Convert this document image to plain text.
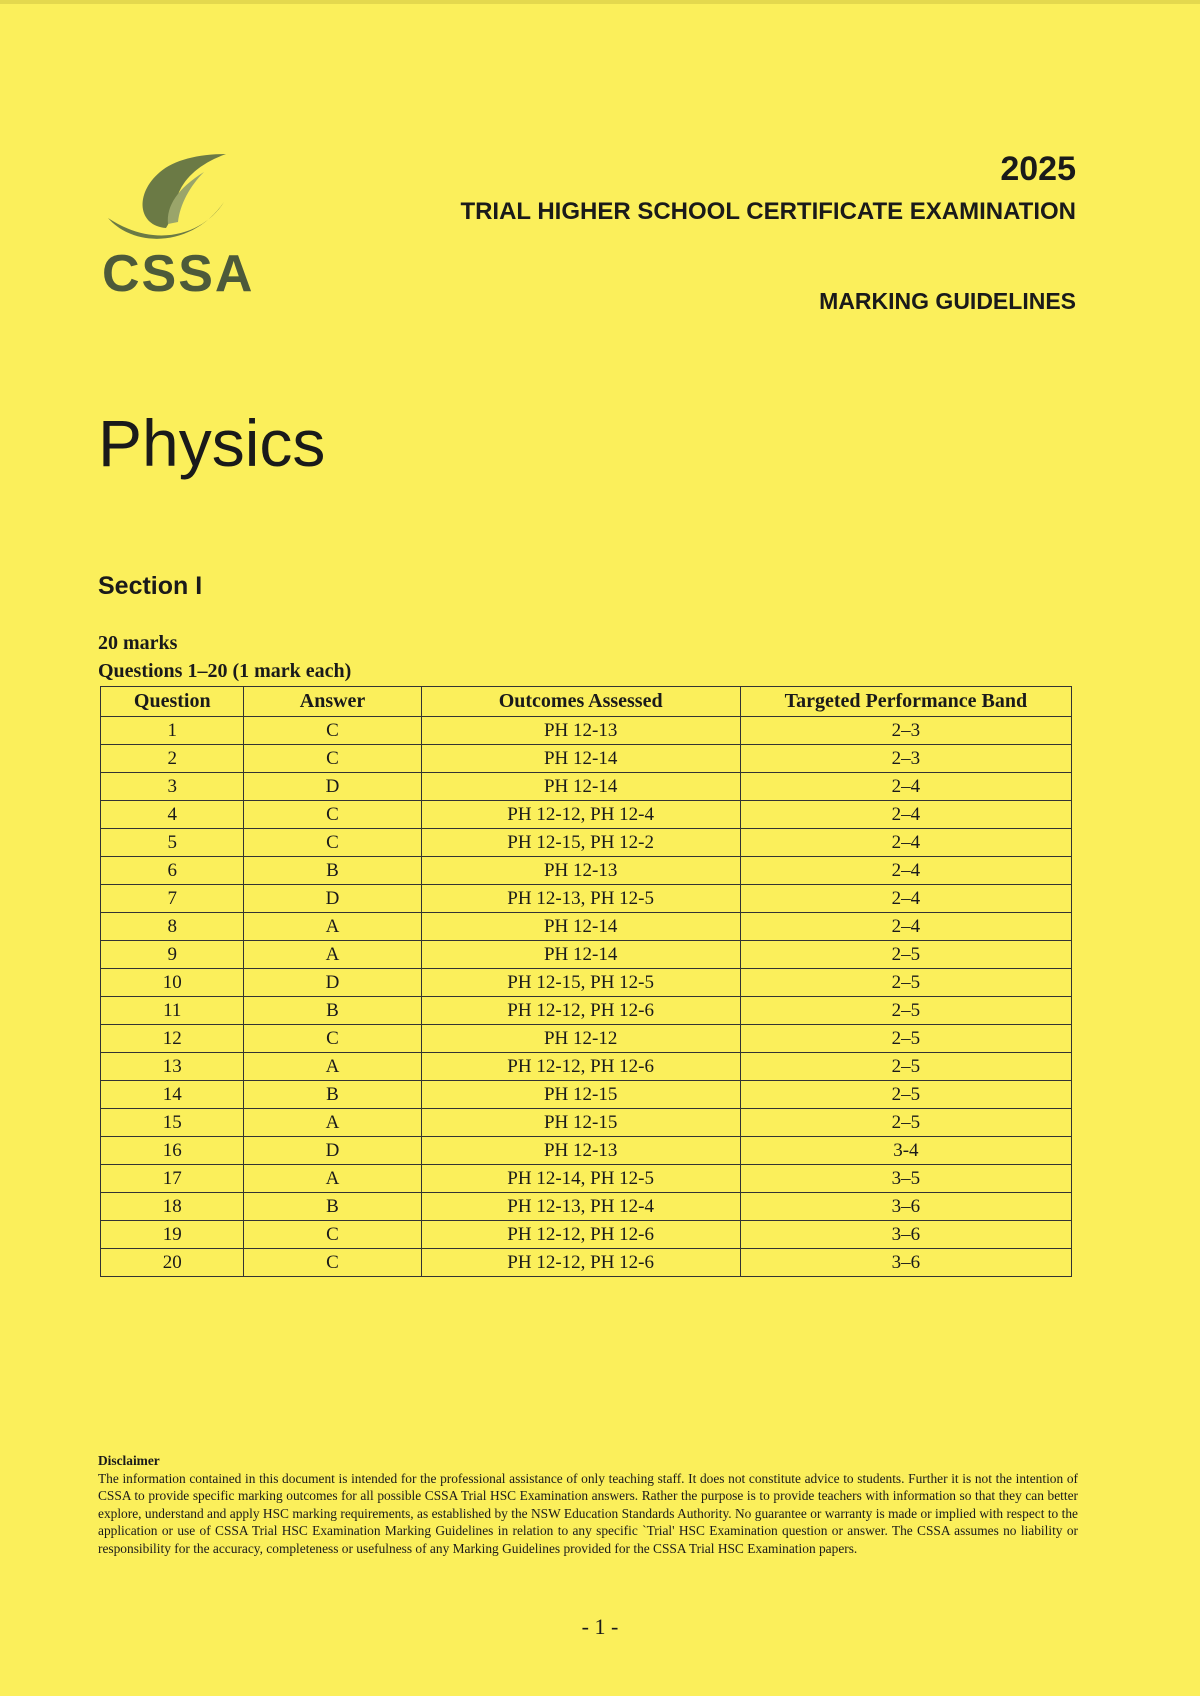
CSSA
2025
TRIAL HIGHER SCHOOL CERTIFICATE EXAMINATION
MARKING GUIDELINES
Physics
Section I
20 marks
Questions 1–20 (1 mark each)
Question	Answer	Outcomes Assessed	Targeted Performance Band
1	C	PH 12-13	2–3
2	C	PH 12-14	2–3
3	D	PH 12-14	2–4
4	C	PH 12-12, PH 12-4	2–4
5	C	PH 12-15, PH 12-2	2–4
6	B	PH 12-13	2–4
7	D	PH 12-13, PH 12-5	2–4
8	A	PH 12-14	2–4
9	A	PH 12-14	2–5
10	D	PH 12-15, PH 12-5	2–5
11	B	PH 12-12, PH 12-6	2–5
12	C	PH 12-12	2–5
13	A	PH 12-12, PH 12-6	2–5
14	B	PH 12-15	2–5
15	A	PH 12-15	2–5
16	D	PH 12-13	3-4
17	A	PH 12-14, PH 12-5	3–5
18	B	PH 12-13, PH 12-4	3–6
19	C	PH 12-12, PH 12-6	3–6
20	C	PH 12-12, PH 12-6	3–6
Disclaimer
The information contained in this document is intended for the professional assistance of only teaching staff. It does not constitute advice to students. Further it is not the intention of CSSA to provide specific marking outcomes for all possible CSSA Trial HSC Examination answers. Rather the purpose is to provide teachers with information so that they can better explore, understand and apply HSC marking requirements, as established by the NSW Education Standards Authority. No guarantee or warranty is made or implied with respect to the application or use of CSSA Trial HSC Examination Marking Guidelines in relation to any specific `Trial' HSC Examination question or answer. The CSSA assumes no liability or responsibility for the accuracy, completeness or usefulness of any Marking Guidelines provided for the CSSA Trial HSC Examination papers.
- 1 -
